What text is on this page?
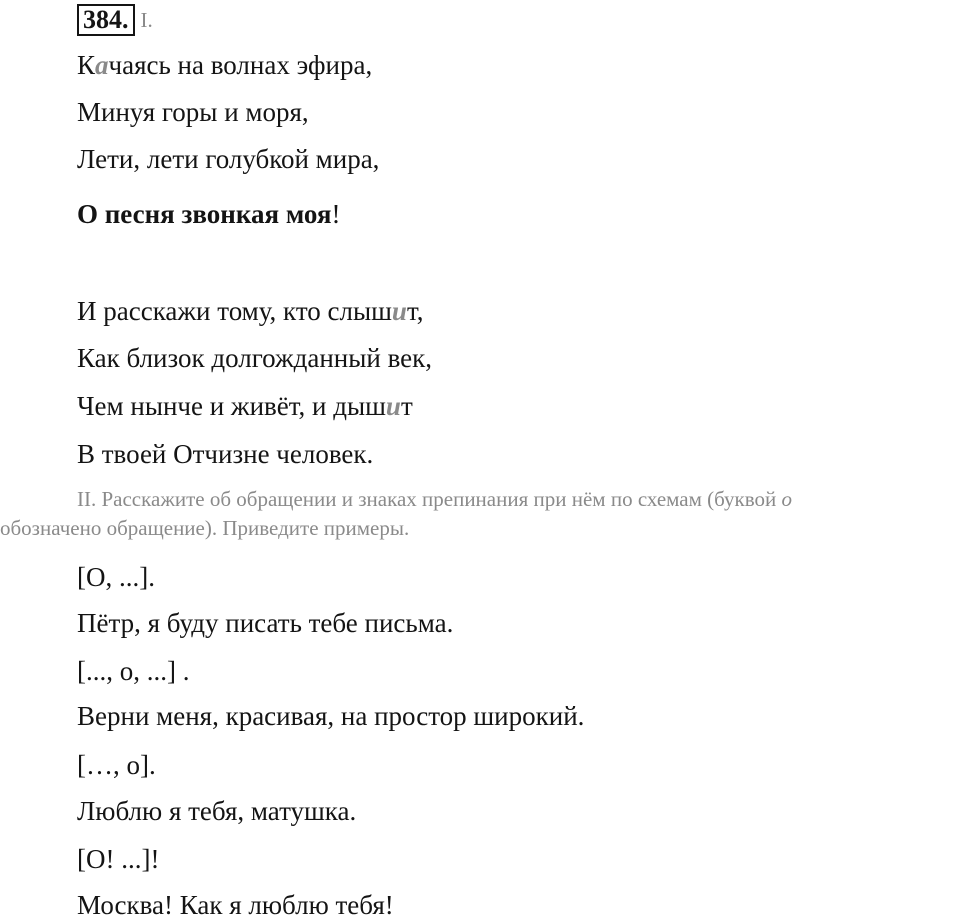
384. I.
Качаясь на волнах эфира,
Минуя горы и моря,
Лети, лети голубкой мира,
О песня звонкая моя!
И расскажи тому, кто слышит,
Как близок долгожданный век,
Чем нынче и живёт, и дышит
В твоей Отчизне человек.
II. Расскажите об обращении и знаках препинания при нём по схемам (буквой о
обозначено обращение). Приведите примеры.
[О, ...].
Пётр, я буду писать тебе письма.
[..., о, ...] .
Верни меня, красивая, на простор широкий.
[…, о].
Люблю я тебя, матушка.
[О! ...]!
Москва! Как я люблю тебя!
